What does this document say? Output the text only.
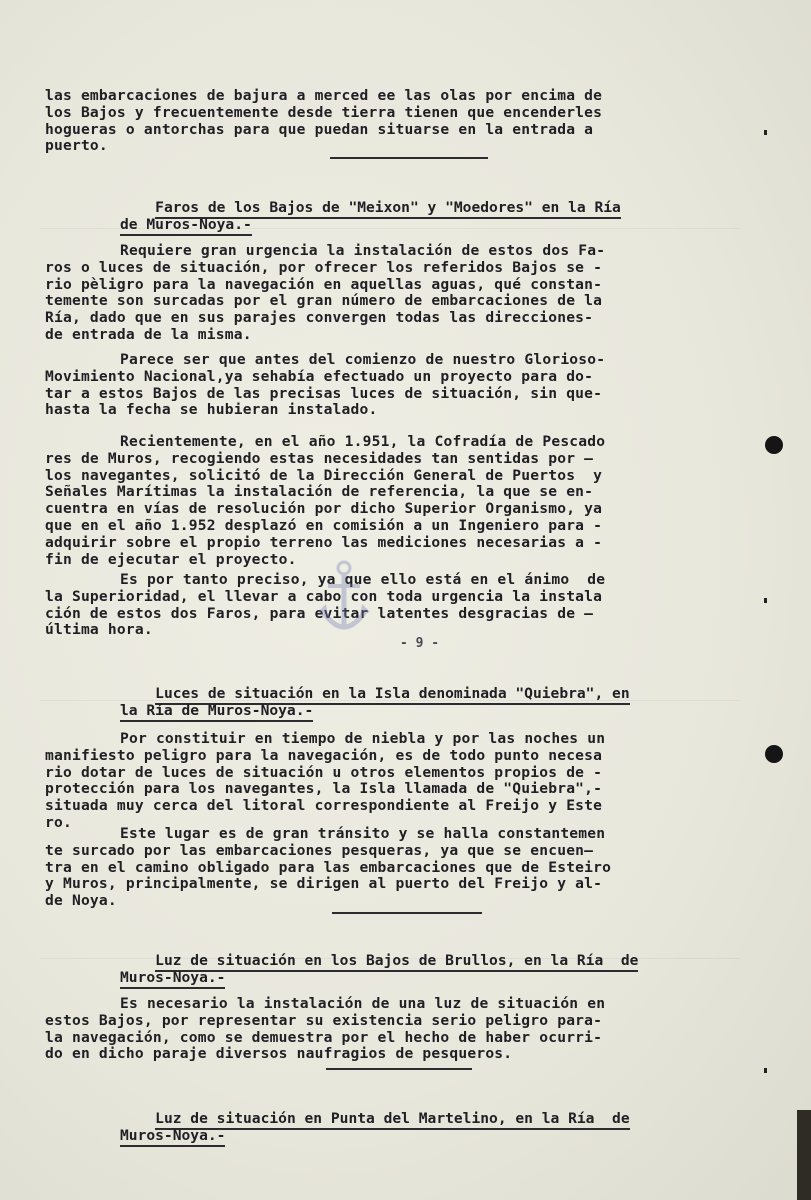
las embarcaciones de bajura a merced ee las olas por encima de
los Bajos y frecuentemente desde tierra tienen que encenderles
hogueras o antorchas para que puedan situarse en la entrada a
puerto.

Faros de los Bajos de "Meixon" y "Moedores" en la Ría
de Muros-Noya.-

Requiere gran urgencia la instalación de estos dos Fa-
ros o luces de situación, por ofrecer los referidos Bajos se -
rio pèligro para la navegación en aquellas aguas, qué constan-
temente son surcadas por el gran número de embarcaciones de la
Ría, dado que en sus parajes convergen todas las direcciones-
de entrada de la misma.
Parece ser que antes del comienzo de nuestro Glorioso-
Movimiento Nacional,ya sehabía efectuado un proyecto para do-
tar a estos Bajos de las precisas luces de situación, sin que-
hasta la fecha se hubieran instalado.
Recientemente, en el año 1.951, la Cofradía de Pescado
res de Muros, recogiendo estas necesidades tan sentidas por —
los navegantes, solicitó de la Dirección General de Puertos  y
Señales Marítimas la instalación de referencia, la que se en-
cuentra en vías de resolución por dicho Superior Organismo, ya
que en el año 1.952 desplazó en comisión a un Ingeniero para -
adquirir sobre el propio terreno las mediciones necesarias a -
fin de ejecutar el proyecto.
Es por tanto preciso, ya que ello está en el ánimo  de
la Superioridad, el llevar a cabo con toda urgencia la instala
ción de estos dos Faros, para  latentes desgracias de —
última hora.
- 9 -

Luces de situación en la Isla denominada "Quiebra", en
la Ría de Muros-Noya.-

Por constituir en tiempo de niebla y por las noches un
manifiesto peligro para la navegación, es de todo punto necesa
rio dotar de luces de situación u otros elementos propios de -
protección para los navegantes, la Isla llamada de "Quiebra",-
situada muy cerca del litoral correspondiente al Freijo y Este
ro.
Este lugar es de gran tránsito y se halla constantemen
te surcado por las embarcaciones pesqueras, ya que se encuen—
tra en el camino obligado para las embarcaciones que de Esteiro
y Muros, principalmente, se dirigen al puerto del Freijo y al-
de Noya.

Luz de situación en los Bajos de Brullos, en la Ría  de
Muros-Noya.-

Es necesario la instalación de una luz de situación en
estos Bajos, por representar su existencia serio peligro para-
la navegación, como se demuestra por el hecho de haber ocurri-
do en dicho paraje diversos naufragios de pesqueros.

Luz de situación en Punta del Martelino, en la Ría  de
Muros-Noya.-
